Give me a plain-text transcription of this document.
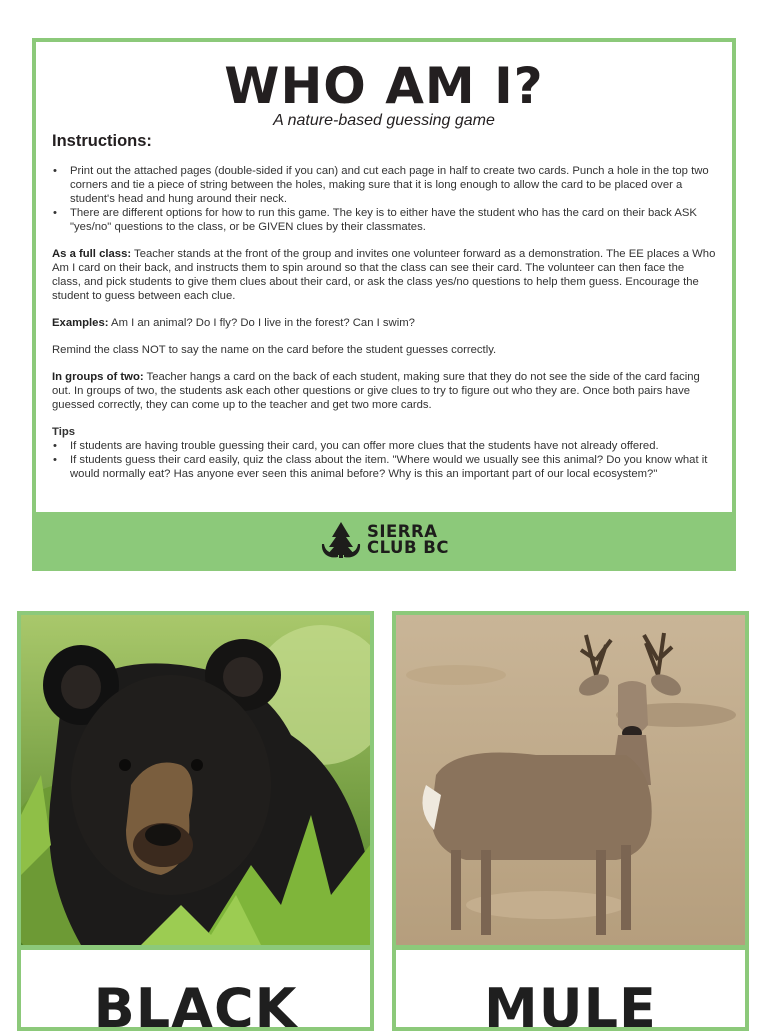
WHO AM I?
A nature-based guessing game
Instructions:
• Print out the attached pages (double-sided if you can) and cut each page in half to create two cards. Punch a hole in the top two corners and tie a piece of string between the holes, making sure that it is long enough to allow the card to be placed over a student's head and hung around their neck.
• There are different options for how to run this game. The key is to either have the student who has the card on their back ASK "yes/no" questions to the class, or be GIVEN clues by their classmates.

As a full class: Teacher stands at the front of the group and invites one volunteer forward as a demonstration. The EE places a Who Am I card on their back, and instructs them to spin around so that the class can see their card. The volunteer can then face the class, and pick students to give them clues about their card, or ask the class yes/no questions to help them guess. Encourage the student to guess between each clue.

Examples: Am I an animal? Do I fly? Do I live in the forest? Can I swim?

Remind the class NOT to say the name on the card before the student guesses correctly.

In groups of two: Teacher hangs a card on the back of each student, making sure that they do not see the side of the card facing out. In groups of two, the students ask each other questions or give clues to try to figure out who they are. Once both pairs have guessed correctly, they can come up to the teacher and get two more cards.

Tips
• If students are having trouble guessing their card, you can offer more clues that the students have not already offered.
• If students guess their card easily, quiz the class about the item. "Where would we usually see this animal? Do you know what it would normally eat? Has anyone ever seen this animal before? Why is this an important part of our local ecosystem?"
SIERRA
CLUB BC
BLACK	MULE
